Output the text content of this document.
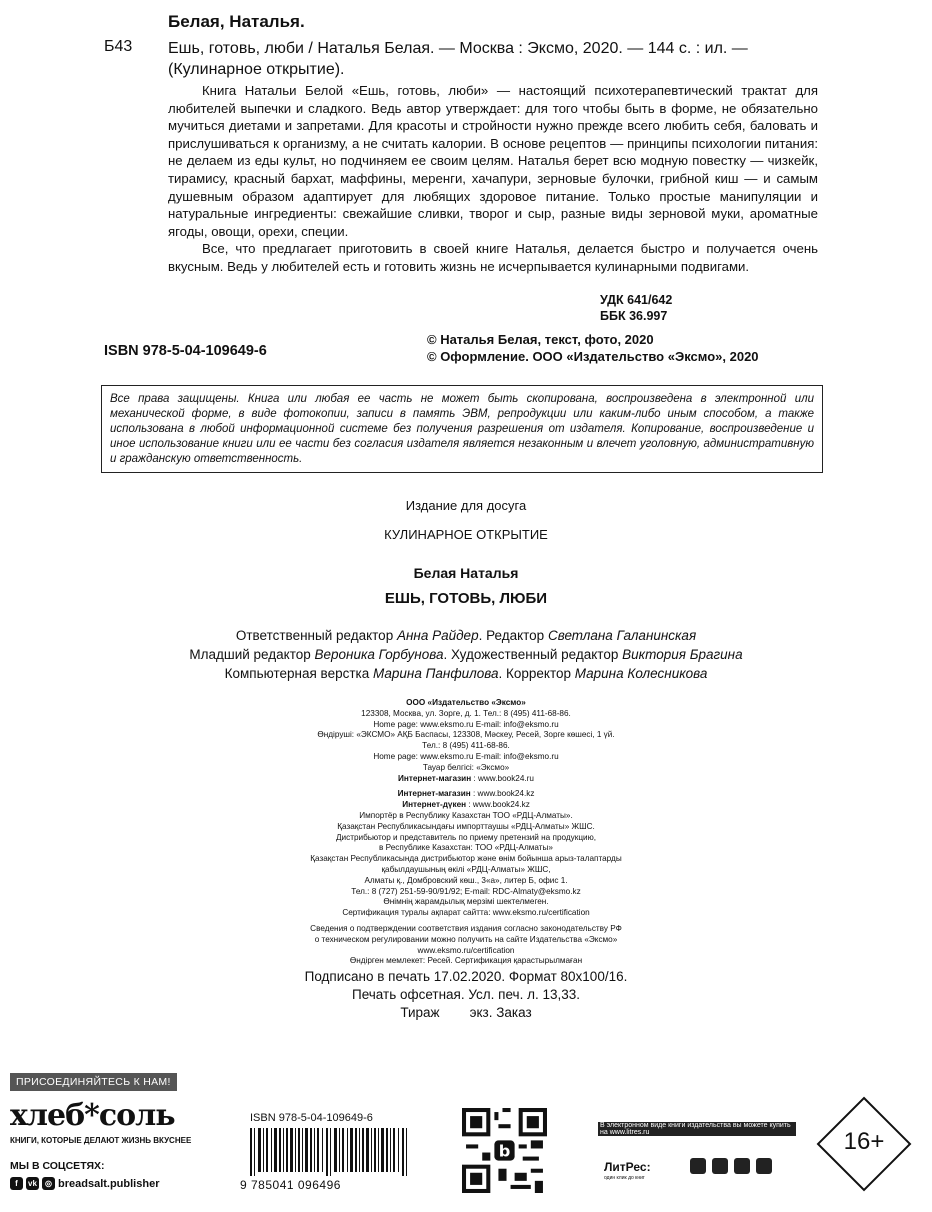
Белая, Наталья.
Б43 Ешь, готовь, люби / Наталья Белая. — Москва : Эксмо, 2020. — 144 с. : ил. — (Кулинарное открытие).

Книга Натальи Белой «Ешь, готовь, люби» — настоящий психотерапевтический трактат для любителей выпечки и сладкого. Ведь автор утверждает: для того чтобы быть в форме, не обязательно мучиться диетами и запретами. Для красоты и стройности нужно прежде всего любить себя, баловать и прислушиваться к организму, а не считать калории. В основе рецептов — принципы психологии питания: не делаем из еды культ, но подчиняем ее своим целям. Наталья берет всю модную повестку — чизкейк, тирамису, красный бархат, маффины, меренги, хачапури, зерновые булочки, грибной киш — и самым душевным образом адаптирует для любящих здоровое питание. Только простые манипуляции и натуральные ингредиенты: свежайшие сливки, творог и сыр, разные виды зерновой муки, ароматные ягоды, овощи, орехи, специи.

Все, что предлагает приготовить в своей книге Наталья, делается быстро и получается очень вкусным. Ведь у любителей есть и готовить жизнь не исчерпывается кулинарными подвигами.

УДК 641/642
ББК 36.997
© Наталья Белая, текст, фото, 2020
© Оформление. ООО «Издательство «Эксмо», 2020
ISBN 978-5-04-109649-6
Все права защищены. Книга или любая ее часть не может быть скопирована, воспроизведена в электронной или механической форме, в виде фотокопии, записи в память ЭВМ, репродукции или каким-либо иным способом, а также использована в любой информационной системе без получения разрешения от издателя. Копирование, воспроизведение и иное использование книги или ее части без согласия издателя является незаконным и влечет уголовную, административную и гражданскую ответственность.
Издание для досуга
КУЛИНАРНОЕ ОТКРЫТИЕ
Белая Наталья
ЕШЬ, ГОТОВЬ, ЛЮБИ
Ответственный редактор Анна Райдер. Редактор Светлана Галанинская
Младший редактор Вероника Горбунова. Художественный редактор Виктория Брагина
Компьютерная верстка Марина Панфилова. Корректор Марина Колесникова
ООО «Издательство «Эксмо»
123308, Москва, ул. Зорге, д. 1. Тел.: 8 (495) 411-68-86.
Home page: www.eksmo.ru E-mail: info@eksmo.ru
Өндіруші: «ЭКСМО» АҚБ Баспасы, 123308, Мәскеу, Ресей, Зорге көшесі, 1 үй.
Тел.: 8 (495) 411-68-86.
Home page: www.eksmo.ru E-mail: info@eksmo.ru
Тауар белгісі: «Эксмо»
Интернет-магазин : www.book24.ru
Интернет-магазин : www.book24.kz
Интернет-дүкен : www.book24.kz
Импортёр в Республику Казахстан ТОО «РДЦ-Алматы».
Қазақстан Республикасындағы импорттаушы «РДЦ-Алматы» ЖШС.
Дистрибьютор и представитель по приему претензий на продукцию,
в Республике Казахстан: ТОО «РДЦ-Алматы»
Қазақстан Республикасында дистрибьютор және өнім бойынша арыз-талаптарды
қабылдаушының өкілі «РДЦ-Алматы» ЖШС,
Алматы қ., Домбровский көш., 3«а», литер Б, офис 1.
Тел.: 8 (727) 251-59-90/91/92; E-mail: RDC-Almaty@eksmo.kz
Өнімнің жарамдылық мерзімі шектелмеген.
Сертификация туралы ақпарат сайтта: www.eksmo.ru/certification
Сведения о подтверждении соответствия издания согласно законодательству РФ
о техническом регулировании можно получить на сайте Издательства «Эксмо»
www.eksmo.ru/certification
Өндірген мемлекет: Ресей. Сертификация қарастырылмаған
Подписано в печать 17.02.2020. Формат 80x100/16.
Печать офсетная. Усл. печ. л. 13,33.
Тираж        экз. Заказ
ПРИСОЕДИНЯЙТЕСЬ К НАМ!
хлеб*соль
КНИГИ, КОТОРЫЕ ДЕЛАЮТ ЖИЗНЬ ВКУСНЕЕ
МЫ В СОЦСЕТЯХ:
f	vk	◎ breadsalt.publisher
ISBN 978-5-04-109649-6
9 785041 096496
b
В электронном виде книги издательства вы можете купить на www.litres.ru
ЛитРес:
один клик до книг
16+
